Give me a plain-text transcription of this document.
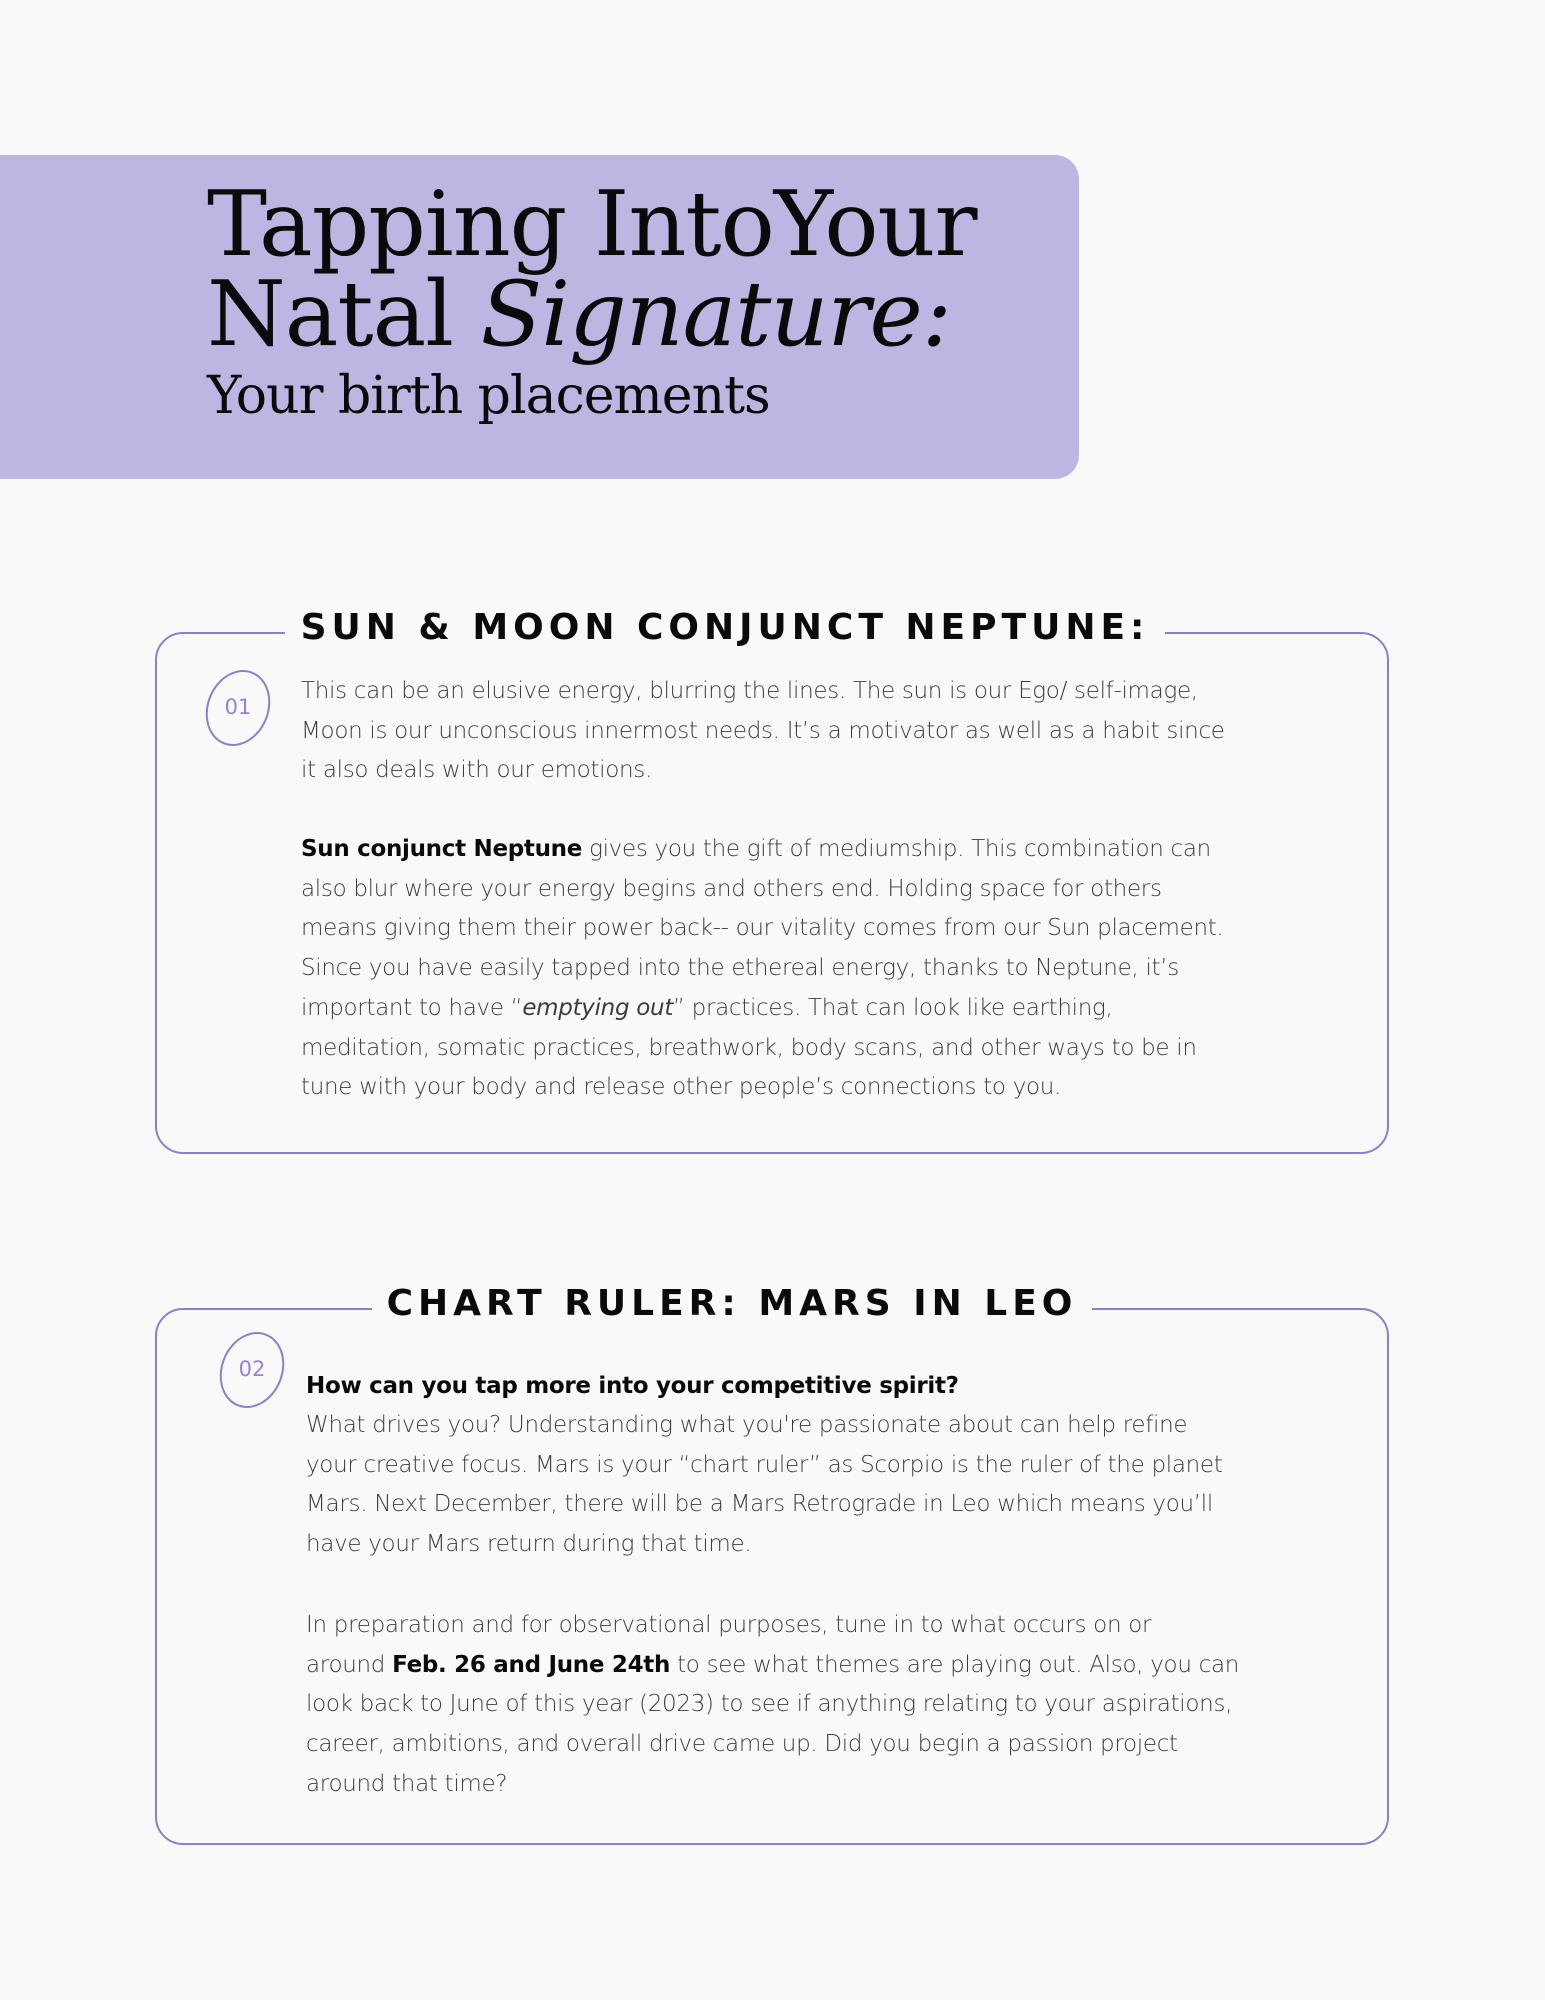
Tapping IntoYour
Natal Signature:
Your birth placements
SUN & MOON CONJUNCT NEPTUNE:
01

This can be an elusive energy, blurring the lines. The sun is our Ego/ self-image,
Moon is our unconscious innermost needs. It’s a motivator as well as a habit since
it also deals with our emotions.

Sun conjunct Neptune gives you the gift of mediumship. This combination can
also blur where your energy begins and others end. Holding space for others
means giving them their power back-- our vitality comes from our Sun placement.
Since you have easily tapped into the ethereal energy, thanks to Neptune, it’s
important to have “emptying out” practices. That can look like earthing,
meditation, somatic practices, breathwork, body scans, and other ways to be in
tune with your body and release other people’s connections to you.

CHART RULER: MARS IN LEO
02

How can you tap more into your competitive spirit?

What drives you? Understanding what you're passionate about can help refine
your creative focus. Mars is your “chart ruler” as Scorpio is the ruler of the planet
Mars. Next December, there will be a Mars Retrograde in Leo which means you’ll
have your Mars return during that time.

In preparation and for observational purposes, tune in to what occurs on or
around Feb. 26 and June 24th to see what themes are playing out. Also, you can
look back to June of this year (2023) to see if anything relating to your aspirations,
career, ambitions, and overall drive came up. Did you begin a passion project
around that time?
